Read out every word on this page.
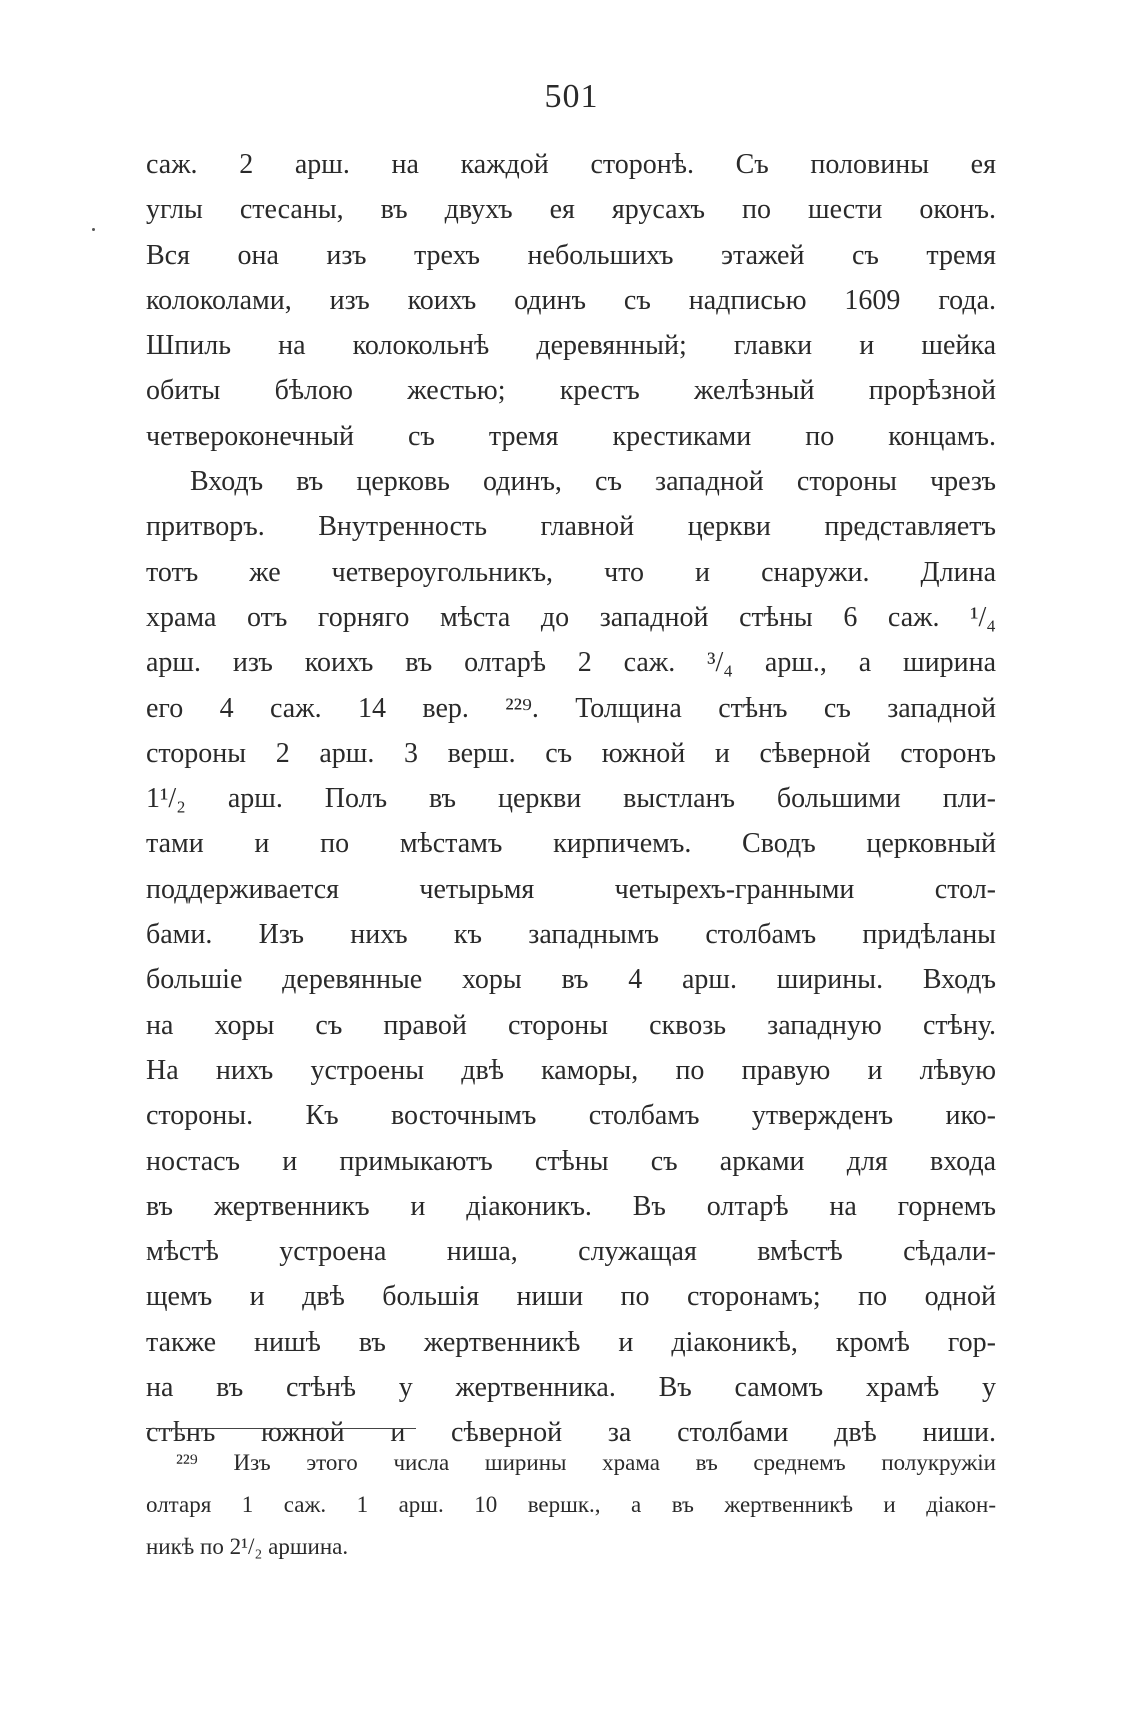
501
саж. 2 арш. на каждой сторонѣ. Съ половины ея
углы стесаны, въ двухъ ея ярусахъ по шести оконъ.
Вся она изъ трехъ небольшихъ этажей съ тремя
колоколами, изъ коихъ одинъ съ надписью 1609 года.
Шпиль на колокольнѣ деревянный; главки и шейка
обиты бѣлою жестью; крестъ желѣзный прорѣзной
четвероконечный съ тремя крестиками по концамъ.
Входъ въ церковь одинъ, съ западной стороны чрезъ
притворъ. Внутренность главной церкви представляетъ
тотъ же четвероугольникъ, что и снаружи. Длина
храма отъ горняго мѣста до западной стѣны 6 саж. ¹/₄
арш. изъ коихъ въ олтарѣ 2 саж. ³/₄ арш., а ширина
его 4 саж. 14 вер. ²²⁹. Толщина стѣнъ съ западной
стороны 2 арш. 3 верш. съ южной и сѣверной сторонъ
1¹/₂ арш. Полъ въ церкви выстланъ большими пли-
тами и по мѣстамъ кирпичемъ. Сводъ церковный
поддерживается четырьмя четырехъ-гранными стол-
бами. Изъ нихъ къ западнымъ столбамъ придѣланы
большіе деревянные хоры въ 4 арш. ширины. Входъ
на хоры съ правой стороны сквозь западную стѣну.
На нихъ устроены двѣ каморы, по правую и лѣвую
стороны. Къ восточнымъ столбамъ утвержденъ ико-
ностасъ и примыкаютъ стѣны съ арками для входа
въ жертвенникъ и діаконикъ. Въ олтарѣ на горнемъ
мѣстѣ устроена ниша, служащая вмѣстѣ сѣдали-
щемъ и двѣ большія ниши по сторонамъ; по одной
также нишѣ въ жертвенникѣ и діаконикѣ, кромѣ гор-
на въ стѣнѣ у жертвенника. Въ самомъ храмѣ у
стѣнъ южной и сѣверной за столбами двѣ ниши.
²²⁹ Изъ этого числа ширины храма въ среднемъ полукружіи
олтаря 1 саж. 1 арш. 10 вершк., а въ жертвенникѣ и діакон-
никѣ по 2¹/₂ аршина.
